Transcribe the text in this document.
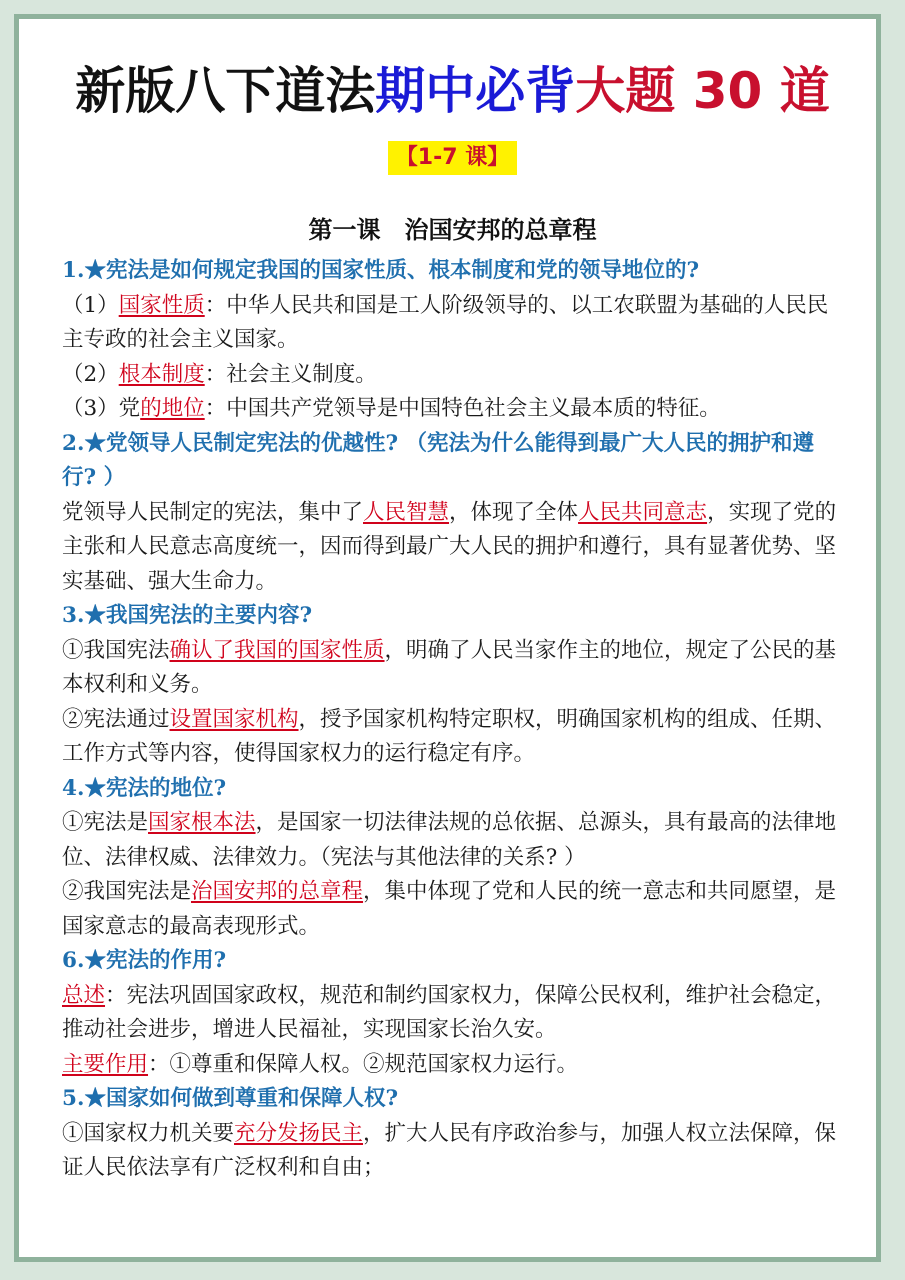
新版八下道法期中必背大题 30 道
【1-7 课】
第一课　治国安邦的总章程

1.★宪法是如何规定我国的国家性质、根本制度和党的领导地位的?

（1）国家性质：中华人民共和国是工人阶级领导的、以工农联盟为基础的人民民主专政的社会主义国家。

（2）根本制度：社会主义制度。

（3）党的地位：中国共产党领导是中国特色社会主义最本质的特征。

2.★党领导人民制定宪法的优越性? （宪法为什么能得到最广大人民的拥护和遵行? ）

党领导人民制定的宪法，集中了人民智慧，体现了全体人民共同意志，实现了党的主张和人民意志高度统一，因而得到最广大人民的拥护和遵行，具有显著优势、坚实基础、强大生命力。

3.★我国宪法的主要内容?

①我国宪法确认了我国的国家性质，明确了人民当家作主的地位，规定了公民的基本权利和义务。

②宪法通过设置国家机构，授予国家机构特定职权，明确国家机构的组成、任期、工作方式等内容，使得国家权力的运行稳定有序。

4.★宪法的地位?

①宪法是国家根本法，是国家一切法律法规的总依据、总源头，具有最高的法律地位、法律权威、法律效力。（宪法与其他法律的关系? ）

②我国宪法是治国安邦的总章程，集中体现了党和人民的统一意志和共同愿望，是国家意志的最高表现形式。

6.★宪法的作用?

总述：宪法巩固国家政权，规范和制约国家权力，保障公民权利，维护社会稳定，推动社会进步，增进人民福祉，实现国家长治久安。

主要作用：①尊重和保障人权。②规范国家权力运行。

5.★国家如何做到尊重和保障人权?

①国家权力机关要充分发扬民主，扩大人民有序政治参与，加强人权立法保障，保证人民依法享有广泛权利和自由；
